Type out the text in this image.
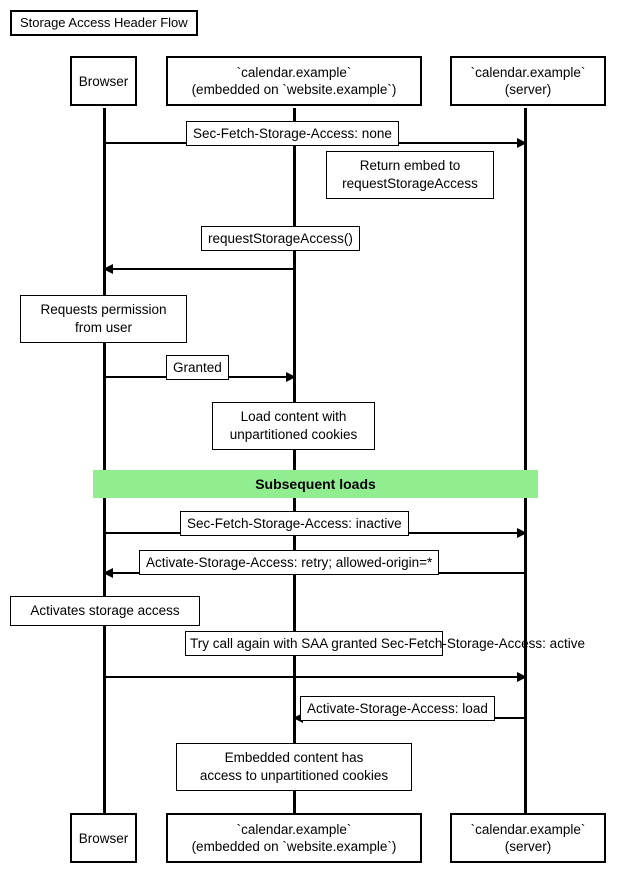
Storage Access Header Flow
Browser
`calendar.example`
(embedded on `website.example`)
`calendar.example`
(server)
Sec-Fetch-Storage-Access: none
Return embed to
requestStorageAccess
requestStorageAccess()
Requests permission
from user
Granted
Load content with
unpartitioned cookies
Subsequent loads
Sec-Fetch-Storage-Access: inactive
Activate-Storage-Access: retry; allowed-origin=*
Activates storage access
Try call again with SAA granted Sec-Fetch-Storage-Access: active
Activate-Storage-Access: load
Embedded content has
access to unpartitioned cookies
Browser
`calendar.example`
(embedded on `website.example`)
`calendar.example`
(server)
